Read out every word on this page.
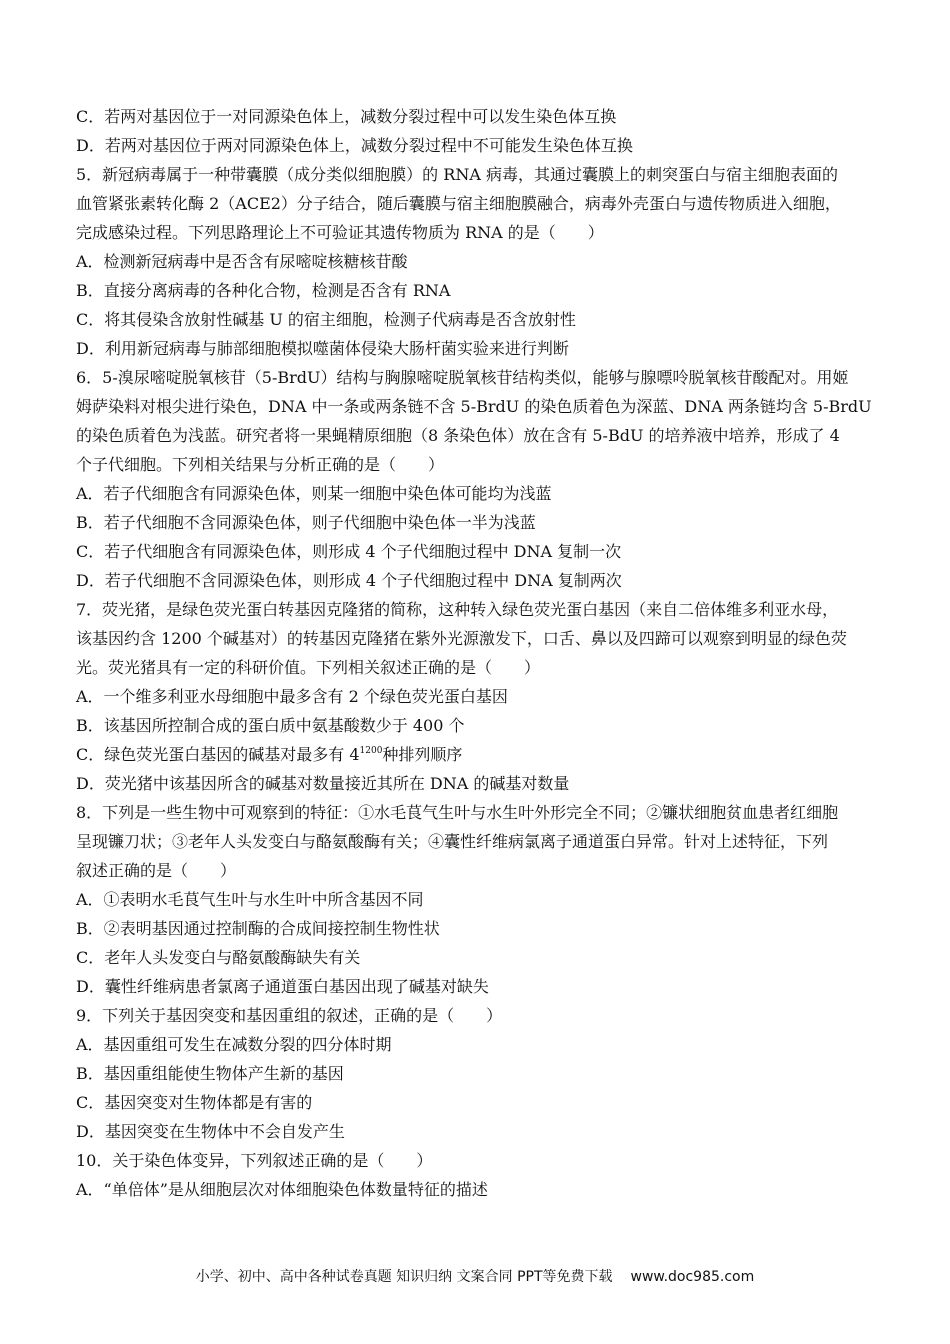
C．若两对基因位于一对同源染色体上，减数分裂过程中可以发生染色体互换
D．若两对基因位于两对同源染色体上，减数分裂过程中不可能发生染色体互换
5．新冠病毒属于一种带囊膜（成分类似细胞膜）的 RNA 病毒，其通过囊膜上的刺突蛋白与宿主细胞表面的
血管紧张素转化酶 2（ACE2）分子结合，随后囊膜与宿主细胞膜融合，病毒外壳蛋白与遗传物质进入细胞，
完成感染过程。下列思路理论上不可验证其遗传物质为 RNA 的是（　　）
A．检测新冠病毒中是否含有尿嘧啶核糖核苷酸
B．直接分离病毒的各种化合物，检测是否含有 RNA
C．将其侵染含放射性碱基 U 的宿主细胞，检测子代病毒是否含放射性
D．利用新冠病毒与肺部细胞模拟噬菌体侵染大肠杆菌实验来进行判断
6．5-溴尿嘧啶脱氧核苷（5-BrdU）结构与胸腺嘧啶脱氧核苷结构类似，能够与腺嘌呤脱氧核苷酸配对。用姬
姆萨染料对根尖进行染色，DNA 中一条或两条链不含 5-BrdU 的染色质着色为深蓝、DNA 两条链均含 5-BrdU
的染色质着色为浅蓝。研究者将一果蝇精原细胞（8 条染色体）放在含有 5-BdU 的培养液中培养，形成了 4
个子代细胞。下列相关结果与分析正确的是（　　）
A．若子代细胞含有同源染色体，则某一细胞中染色体可能均为浅蓝
B．若子代细胞不含同源染色体，则子代细胞中染色体一半为浅蓝
C．若子代细胞含有同源染色体，则形成 4 个子代细胞过程中 DNA 复制一次
D．若子代细胞不含同源染色体，则形成 4 个子代细胞过程中 DNA 复制两次
7．荧光猪，是绿色荧光蛋白转基因克隆猪的简称，这种转入绿色荧光蛋白基因（来自二倍体维多利亚水母，
该基因约含 1200 个碱基对）的转基因克隆猪在紫外光源激发下，口舌、鼻以及四蹄可以观察到明显的绿色荧
光。荧光猪具有一定的科研价值。下列相关叙述正确的是（　　）
A．一个维多利亚水母细胞中最多含有 2 个绿色荧光蛋白基因
B．该基因所控制合成的蛋白质中氨基酸数少于 400 个
C．绿色荧光蛋白基因的碱基对最多有 $4^{1200}$种排列顺序
D．荧光猪中该基因所含的碱基对数量接近其所在 DNA 的碱基对数量
8．下列是一些生物中可观察到的特征：①水毛茛气生叶与水生叶外形完全不同；②镰状细胞贫血患者红细胞
呈现镰刀状；③老年人头发变白与酪氨酸酶有关；④囊性纤维病氯离子通道蛋白异常。针对上述特征，下列
叙述正确的是（　　）
A．①表明水毛茛气生叶与水生叶中所含基因不同
B．②表明基因通过控制酶的合成间接控制生物性状
C．老年人头发变白与酪氨酸酶缺失有关
D．囊性纤维病患者氯离子通道蛋白基因出现了碱基对缺失
9．下列关于基因突变和基因重组的叙述，正确的是（　　）
A．基因重组可发生在减数分裂的四分体时期
B．基因重组能使生物体产生新的基因
C．基因突变对生物体都是有害的
D．基因突变在生物体中不会自发产生
10．关于染色体变异，下列叙述正确的是（　　）
A．“单倍体”是从细胞层次对体细胞染色体数量特征的描述
小学、初中、高中各种试卷真题 知识归纳 文案合同 PPT等免费下载 www.doc985.com
